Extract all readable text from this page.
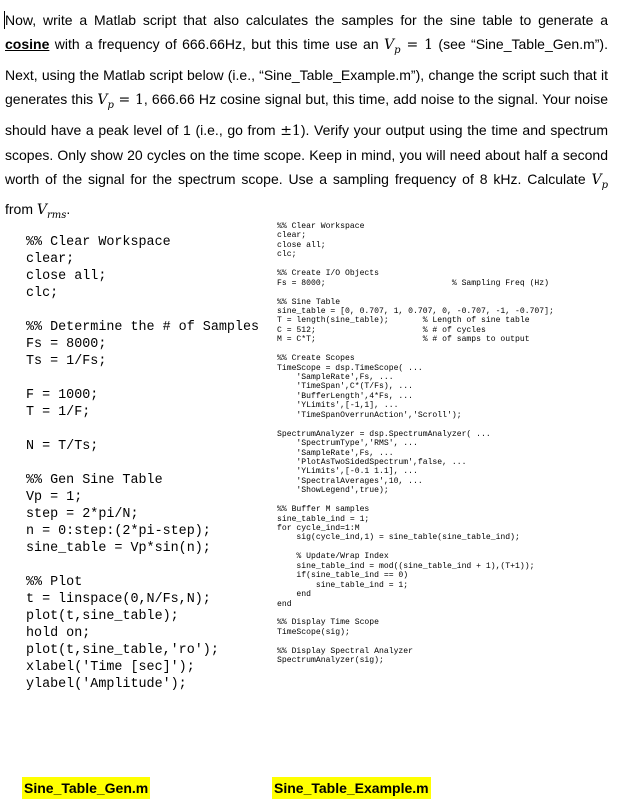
Now, write a Matlab script that also calculates the samples for the sine table to generate a cosine with a frequency of 666.66Hz, but this time use an $V_p = 1$ (see “Sine_Table_Gen.m”). Next, using the Matlab script below (i.e., “Sine_Table_Example.m”), change the script such that it generates this $V_p = 1$, 666.66 Hz cosine signal but, this time, add noise to the signal. Your noise should have a peak level of 1 (i.e., go from ±1). Verify your output using the time and spectrum scopes. Only show 20 cycles on the time scope. Keep in mind, you will need about half a second worth of the signal for the spectrum scope. Use a sampling frequency of 8 kHz. Calculate $V_p$ from $V_{rms}$.
%% Clear Workspace
clear;
close all;
clc;
%% Determine the # of Samples
Fs = 8000;
Ts = 1/Fs;
F = 1000;
T = 1/F;
N = T/Ts;
%% Gen Sine Table
Vp = 1;
step = 2*pi/N;
n = 0:step:(2*pi-step);
sine_table = Vp*sin(n);
%% Plot
t = linspace(0,N/Fs,N);
plot(t,sine_table);
hold on;
plot(t,sine_table,'ro');
xlabel('Time [sec]');
ylabel('Amplitude');
%% Clear Workspace
clear;
close all;
clc;
%% Create I/O Objects
Fs = 8000;                          % Sampling Freq (Hz)
%% Sine Table
sine_table = [0, 0.707, 1, 0.707, 0, -0.707, -1, -0.707];
T = length(sine_table);       % Length of sine table
C = 512;                      % # of cycles
M = C*T;                      % # of samps to output
%% Create Scopes
TimeScope = dsp.TimeScope( ...
'SampleRate',Fs, ...
'TimeSpan',C*(T/Fs), ...
'BufferLength',4*Fs, ...
'YLimits',[-1,1], ...
'TimeSpanOverrunAction','Scroll');
SpectrumAnalyzer = dsp.SpectrumAnalyzer( ...
'SpectrumType','RMS', ...
'SampleRate',Fs, ...
'PlotAsTwoSidedSpectrum',false, ...
'YLimits',[-0.1 1.1], ...
'SpectralAverages',10, ...
'ShowLegend',true);
%% Buffer M samples
sine_table_ind = 1;
for cycle_ind=1:M
sig(cycle_ind,1) = sine_table(sine_table_ind);
% Update/Wrap Index
sine_table_ind = mod((sine_table_ind + 1),(T+1));
if(sine_table_ind == 0)
sine_table_ind = 1;
end
end
%% Display Time Scope
TimeScope(sig);
%% Display Spectral Analyzer
SpectrumAnalyzer(sig);
Sine_Table_Gen.m	Sine_Table_Example.m
